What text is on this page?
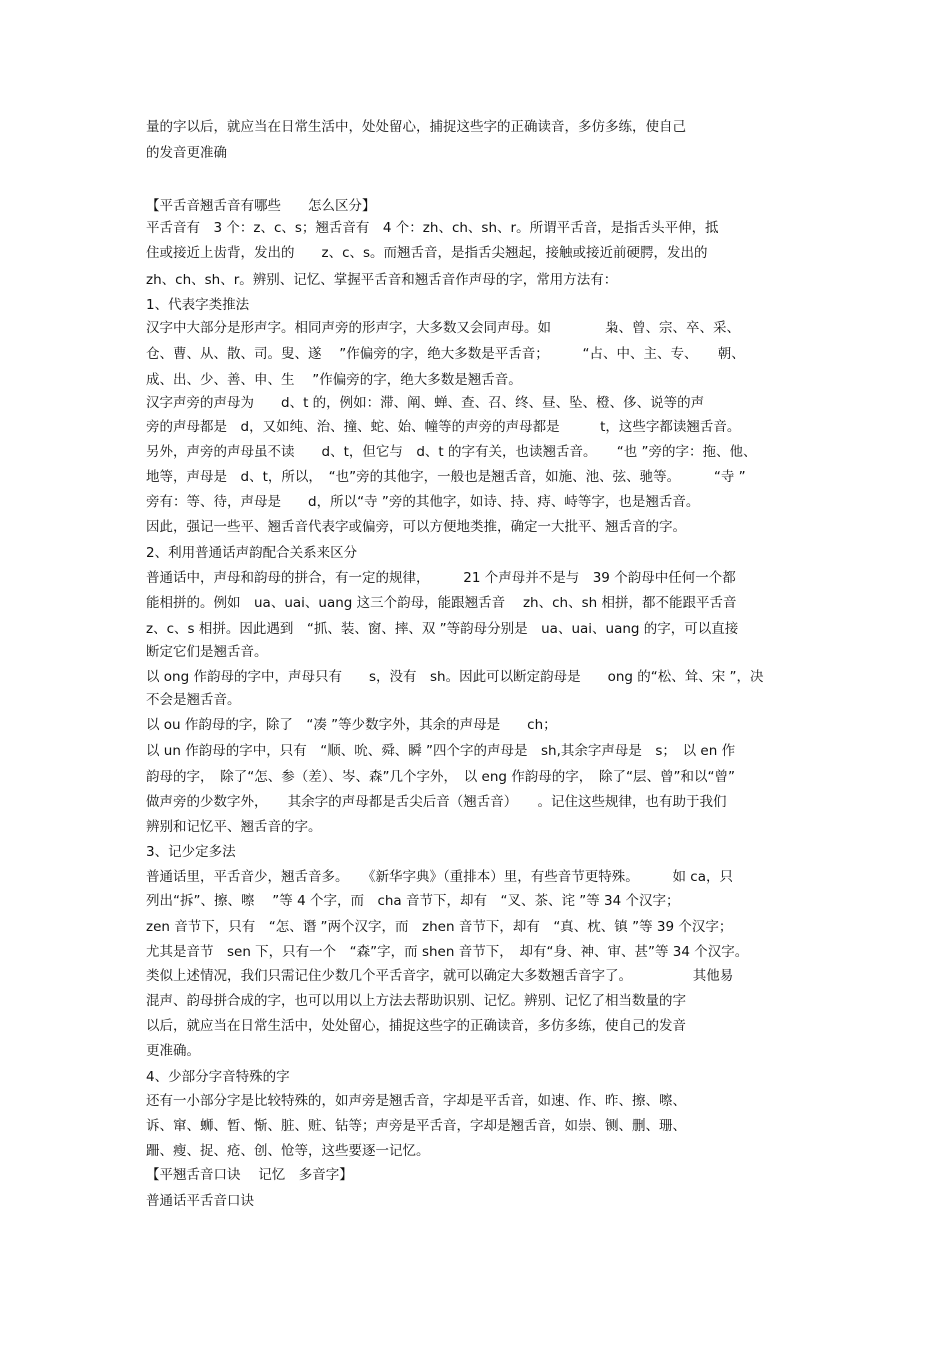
量的字以后，就应当在日常生活中，处处留心，捕捉这些字的正确读音，多仿多练，使自己

的发音更准确

【平舌音翘舌音有哪些　　怎么区分】

平舌音有　3 个：z、c、s；翘舌音有　4 个：zh、ch、sh、r。所谓平舌音，是指舌头平伸，抵

住或接近上齿背，发出的　　z、c、s。而翘舌音，是指舌尖翘起，接触或接近前硬腭，发出的

zh、ch、sh、r。辨别、记忆、掌握平舌音和翘舌音作声母的字，常用方法有：

1、代表字类推法

汉字中大部分是形声字。相同声旁的形声字，大多数又会同声母。如　　　　枭、曾、宗、卒、采、

仓、曹、从、散、司。叟、遂　 ”作偏旁的字，绝大多数是平舌音；　　　“占、中、主、专、　　朝、

成、出、少、善、申、生　 ”作偏旁的字，绝大多数是翘舌音。

汉字声旁的声母为　　d、t 的，例如：滞、阐、蝉、查、召、终、昼、坠、橙、侈、说等的声

旁的声母都是　d，又如纯、治、撞、蛇、始、幢等的声旁的声母都是　　　t，这些字都读翘舌音。

另外，声旁的声母虽不读　　d、t，但它与　d、t 的字有关，也读翘舌音。　　“也 ”旁的字：拖、他、

地等，声母是　d、t，所以，　“也”旁的其他字，一般也是翘舌音，如施、池、弦、驰等。　　　“寺 ”

旁有：等、待，声母是　　d，所以“寺 ”旁的其他字，如诗、持、痔、峙等字，也是翘舌音。

因此，强记一些平、翘舌音代表字或偏旁，可以方便地类推，确定一大批平、翘舌音的字。

2、利用普通话声韵配合关系来区分

普通话中，声母和韵母的拼合，有一定的规律，　　　21 个声母并不是与　39 个韵母中任何一个都

能相拼的。例如　ua、uai、uang 这三个韵母，能跟翘舌音　 zh、ch、sh 相拼，都不能跟平舌音

z、c、s 相拼。因此遇到　“抓、装、窗、摔、双 ”等韵母分别是　ua、uai、uang 的字，可以直接

断定它们是翘舌音。

以 ong 作韵母的字中，声母只有　　s，没有　sh。因此可以断定韵母是　　ong 的“松、耸、宋 ”，决

不会是翘舌音。

以 ou 作韵母的字，除了　“凑 ”等少数字外，其余的声母是　　ch；

以 un 作韵母的字中，只有　“顺、吮、舜、瞬 ”四个字的声母是　sh,其余字声母是　s；　以 en 作

韵母的字，　除了“怎、参（差）、岑、森”几个字外，　以 eng 作韵母的字，　除了“层、曾”和以“曾”

做声旁的少数字外，　　其余字的声母都是舌尖后音（翘舌音）　　。记住这些规律，也有助于我们

辨别和记忆平、翘舌音的字。

3、记少定多法

普通话里，平舌音少，翘舌音多。　　《新华字典》（重排本）里，有些音节更特殊。　　　如 ca，只

列出“拆”、擦、嚓　 ”等 4 个字，而　cha 音节下，却有　“叉、茶、诧 ”等 34 个汉字；

zen 音节下，只有　“怎、谮 ”两个汉字，而　zhen 音节下，却有　“真、枕、镇 ”等 39 个汉字；

尤其是音节　sen 下，只有一个　“森”字，而 shen 音节下，　却有“身、神、审、甚”等 34 个汉字。

类似上述情况，我们只需记住少数几个平舌音字，就可以确定大多数翘舌音字了。　　　　　其他易

混声、韵母拼合成的字，也可以用以上方法去帮助识别、记忆。辨别、记忆了相当数量的字

以后，就应当在日常生活中，处处留心，捕捉这些字的正确读音，多仿多练，使自己的发音

更准确。

4、少部分字音特殊的字

还有一小部分字是比较特殊的，如声旁是翘舌音，字却是平舌音，如速、作、昨、擦、嚓、

诉、窜、蛳、暂、惭、脏、赃、钻等；声旁是平舌音，字却是翘舌音，如崇、铡、删、珊、

跚、瘦、捉、疮、创、怆等，这些要逐一记忆。

【平翘舌音口诀　 记忆　多音字】

普通话平舌音口诀
